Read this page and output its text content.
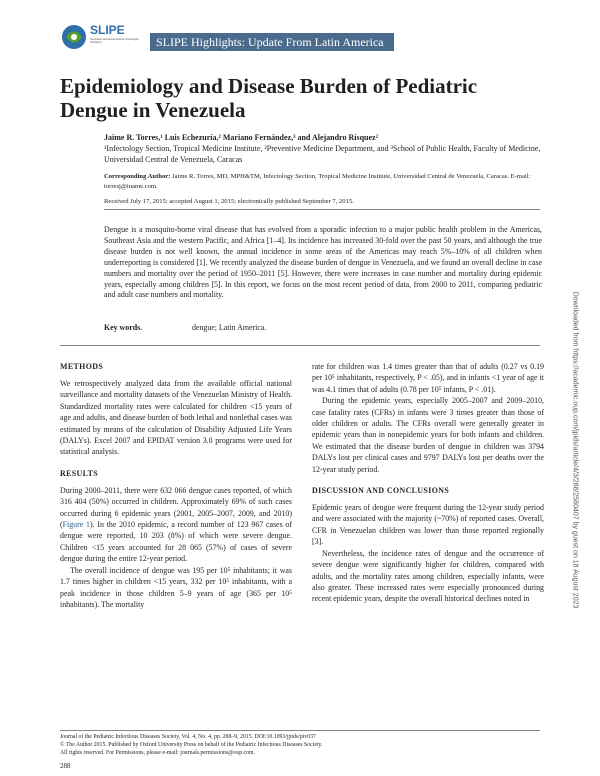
SLIPE
Sociedad Latinoamericana de Infectología Pediátrica	SLIPE Highlights: Update From Latin America
Epidemiology and Disease Burden of Pediatric Dengue in Venezuela
Jaime R. Torres,¹ Luis Echezuría,² Mariano Fernández,³ and Alejandro Rísquez²
¹Infectology Section, Tropical Medicine Institute, ²Preventive Medicine Department, and ³School of Public Health, Faculty of Medicine, Universidad Central de Venezuela, Caracas
Corresponding Author: Jaime R. Torres, MD, MPH&TM, Infectology Section, Tropical Medicine Institute, Universidad Central de Venezuela, Caracas. E-mail: torresj@iname.com.
Received July 17, 2015; accepted August 1, 2015; electronically published September 7, 2015.
Dengue is a mosquito-borne viral disease that has evolved from a sporadic infection to a major public health problem in the Americas, Southeast Asia and the western Pacific, and Africa [1–4]. Its incidence has increased 30-fold over the past 50 years, and although the true disease burden is not well known, the annual incidence in some areas of the Americas may reach 5%–10% of all children when underreporting is considered [1]. We recently analyzed the disease burden of dengue in Venezuela, and we found an overall decline in case numbers and mortality over the period of 1950–2011 [5]. However, there were increases in case number and mortality during epidemic years, especially among children [5]. In this report, we focus on the most recent period of data, from 2000 to 2011, comparing pediatric and adult case numbers and mortality.
Key words.	dengue; Latin America.	Downloaded from https://academic.oup.com/jpids/article/4/3/288/2580407 by guest on 18 August 2023
METHODS

We retrospectively analyzed data from the available official national surveillance and mortality datasets of the Venezuelan Ministry of Health. Standardized mortality rates were calculated for children <15 years of age and adults, and disease burden of both lethal and nonlethal cases was estimated by means of the calculation of Disability Adjusted Life Years (DALYs). Excel 2007 and EPIDAT version 3.0 programs were used for statistical analysis.

RESULTS

During 2000–2011, there were 632 066 dengue cases reported, of which 316 404 (50%) occurred in children. Approximately 69% of such cases occurred during 6 epidemic years (2001, 2005–2007, 2009, and 2010) (Figure 1). In the 2010 epidemic, a record number of 123 967 cases of dengue were reported, 10 203 (8%) of which were severe dengue. Children <15 years accounted for 28 065 (57%) of cases of severe dengue during the entire 12-year period.

The overall incidence of dengue was 195 per 10⁵ inhabitants; it was 1.7 times higher in children <15 years, 332 per 10⁵ inhabitants, with a peak incidence in those children 5–9 years of age (365 per 10⁵ inhabitants). The mortality

rate for children was 1.4 times greater than that of adults (0.27 vs 0.19 per 10⁵ inhabitants, respectively, P < .05), and in infants <1 year of age it was 4.1 times that of adults (0.78 per 10⁵ infants, P < .01).

During the epidemic years, especially 2005–2007 and 2009–2010, case fatality rates (CFRs) in infants were 3 times greater than those of older children or adults. The CFRs overall were generally greater in epidemic years than in nonepidemic years for both infants and children. We estimated that the disease burden of dengue in children was 3794 DALYs lost per clinical cases and 9797 DALYs lost per deaths over the 12-year study period.

DISCUSSION AND CONCLUSIONS

Epidemic years of dengue were frequent during the 12-year study period and were associated with the majority (~70%) of reported cases. Overall, CFR in Venezuelan children was lower than those reported regionally [3].

Nevertheless, the incidence rates of dengue and the occurrence of severe dengue were significantly higher for children, compared with adults, and the mortality rates among children, especially infants, were also greater. These increased rates were especially pronounced during recent epidemic years, despite the overall historical declines noted in

Journal of the Pediatric Infectious Diseases Society, Vol. 4, No. 4, pp. 288–9, 2015. DOI:10.1093/jpids/piv037
© The Author 2015. Published by Oxford University Press on behalf of the Pediatric Infectious Diseases Society.
All rights reserved. For Permissions, please e-mail: journals.permissions@oup.com.
288
